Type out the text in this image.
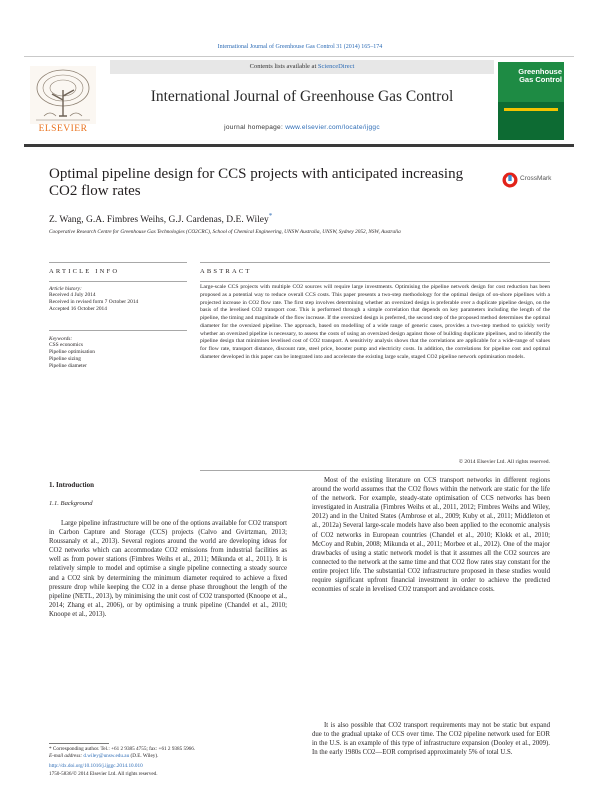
International Journal of Greenhouse Gas Control 31 (2014) 165–174
ELSEVIER
Contents lists available at ScienceDirect
International Journal of Greenhouse Gas Control
journal homepage: www.elsevier.com/locate/ijggc
Greenhouse Gas Control
Optimal pipeline design for CCS projects with anticipated increasing CO2 flow rates
CrossMark
Z. Wang, G.A. Fimbres Weihs, G.J. Cardenas, D.E. Wiley*
Cooperative Research Centre for Greenhouse Gas Technologies (CO2CRC), School of Chemical Engineering, UNSW Australia, UNSW, Sydney 2052, NSW, Australia
ARTICLE INFO	ABSTRACT
Article history:
Received 4 July 2014
Received in revised form 7 October 2014
Accepted 16 October 2014
Keywords:
CSS economics
Pipeline optimisation
Pipeline sizing
Pipeline diameter
Large-scale CCS projects with multiple CO2 sources will require large investments. Optimising the pipeline network design for cost reduction has been proposed as a potential way to reduce overall CCS costs. This paper presents a two-step methodology for the optimal design of on-shore pipelines with a projected increase in CO2 flow rate. The first step involves determining whether an oversized design is preferable over a duplicate pipeline design, on the basis of the levelised CO2 transport cost. This is performed through a simple correlation that depends on key parameters including the length of the pipeline, the timing and magnitude of the flow increase. If the oversized design is preferred, the second step of the proposed method determines the optimal diameter for the oversized pipeline. The approach, based on modelling of a wide range of generic cases, provides a two-step method to quickly verify whether an oversized pipeline is necessary, to assess the costs of using an oversized design against those of building duplicate pipelines, and to identify the pipeline design that minimises levelised cost of CO2 transport. A sensitivity analysis shows that the correlations are applicable for a wide-range of values for flow rate, transport distance, discount rate, steel price, booster pump and electricity costs. In addition, the correlations for pipeline cost and optimal diameter developed in this paper can be integrated into and accelerate the existing large scale, staged CO2 pipeline network optimisation models.
© 2014 Elsevier Ltd. All rights reserved.
1. Introduction
1.1. Background
Large pipeline infrastructure will be one of the options available for CO2 transport in Carbon Capture and Storage (CCS) projects (Calvo and Gvirtzman, 2013; Roussanaly et al., 2013). Several regions around the world are developing ideas for CO2 networks which can accommodate CO2 emissions from industrial facilities as well as from power stations (Fimbres Weihs et al., 2011; Mikunda et al., 2011). It is relatively simple to model and optimise a single pipeline connecting a steady source and a CO2 sink by determining the minimum diameter required to achieve a fixed pressure drop while keeping the CO2 in a dense phase throughout the length of the pipeline (NETL, 2013), by minimising the unit cost of CO2 transported (Knoope et al., 2014; Zhang et al., 2006), or by optimising a trunk pipeline (Chandel et al., 2010; Knoope et al., 2013).
Most of the existing literature on CCS transport networks in different regions around the world assumes that the CO2 flows within the network are static for the life of the network. For example, steady-state optimisation of CCS networks has been investigated in Australia (Fimbres Weihs et al., 2011, 2012; Fimbres Weihs and Wiley, 2012) and in the United States (Ambrose et al., 2009; Kuby et al., 2011; Middleton et al., 2012a) Several large-scale models have also been applied to the economic analysis of CO2 networks in European countries (Chandel et al., 2010; Klokk et al., 2010; McCoy and Rubin, 2008; Mikunda et al., 2011; Morbee et al., 2012). One of the major drawbacks of using a static network model is that it assumes all the CO2 sources are connected to the network at the same time and that CO2 flow rates stay constant for the entire project life. The substantial CO2 infrastructure proposed in these studies would require significant upfront financial investment in order to achieve the predicted economies of scale in levelised CO2 transport and avoidance costs.
It is also possible that CO2 transport requirements may not be static but expand due to the gradual uptake of CCS over time. The CO2 pipeline network used for EOR in the U.S. is an example of this type of infrastructure expansion (Dooley et al., 2009). In the early 1980s CO2—EOR comprised approximately 5% of total U.S.
* Corresponding author. Tel.: +61 2 9385 4755; fax: +61 2 9385 5966.
E-mail address: d.wiley@unsw.edu.au (D.E. Wiley).
http://dx.doi.org/10.1016/j.ijggc.2014.10.010
1750-5836/© 2014 Elsevier Ltd. All rights reserved.
